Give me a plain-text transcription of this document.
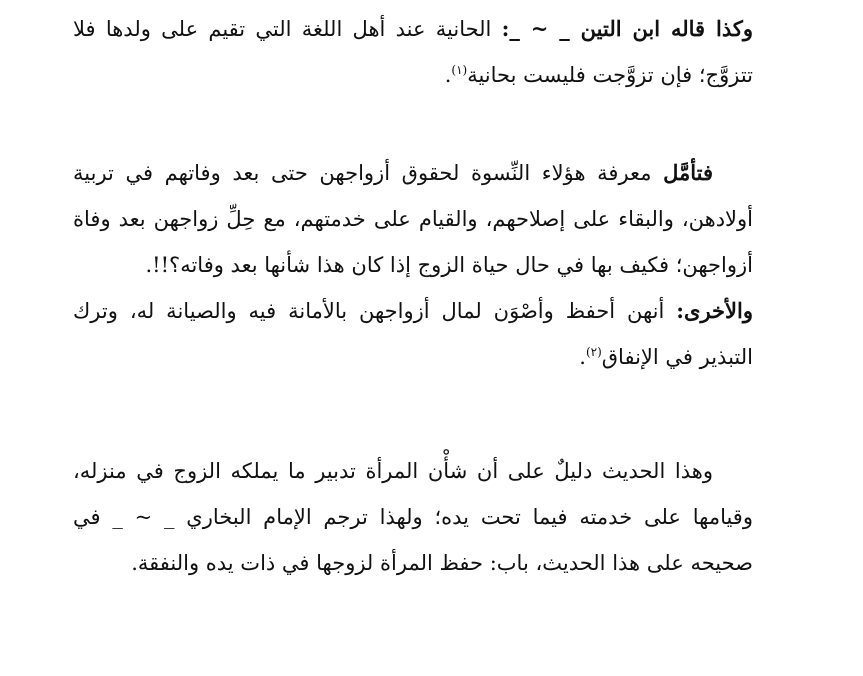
وكذا قاله ابن التين _ ~ _: الحانية عند أهل اللغة التي تقيم على ولدها فلا تتزوَّج؛ فإن تزوَّجت فليست بحانية$^{(١)}$.
فتأمَّل معرفة هؤلاء النِّسوة لحقوق أزواجهن حتى بعد وفاتهم في تربية أولادهن، والبقاء على إصلاحهم، والقيام على خدمتهم، مع حِلِّ زواجهن بعد وفاة أزواجهن؛ فكيف بها في حال حياة الزوج إذا كان هذا شأنها بعد وفاته؟!!.
والأخرى: أنهن أحفظ وأصْوَن لمال أزواجهن بالأمانة فيه والصيانة له، وترك التبذير في الإنفاق$^{(٢)}$.
وهذا الحديث دليلٌ على أن شأْن المرأة تدبير ما يملكه الزوج في منزله، وقيامها على خدمته فيما تحت يده؛ ولهذا ترجم الإمام البخاري _ ~ _ في صحيحه على هذا الحديث، باب: حفظ المرأة لزوجها في ذات يده والنفقة.
